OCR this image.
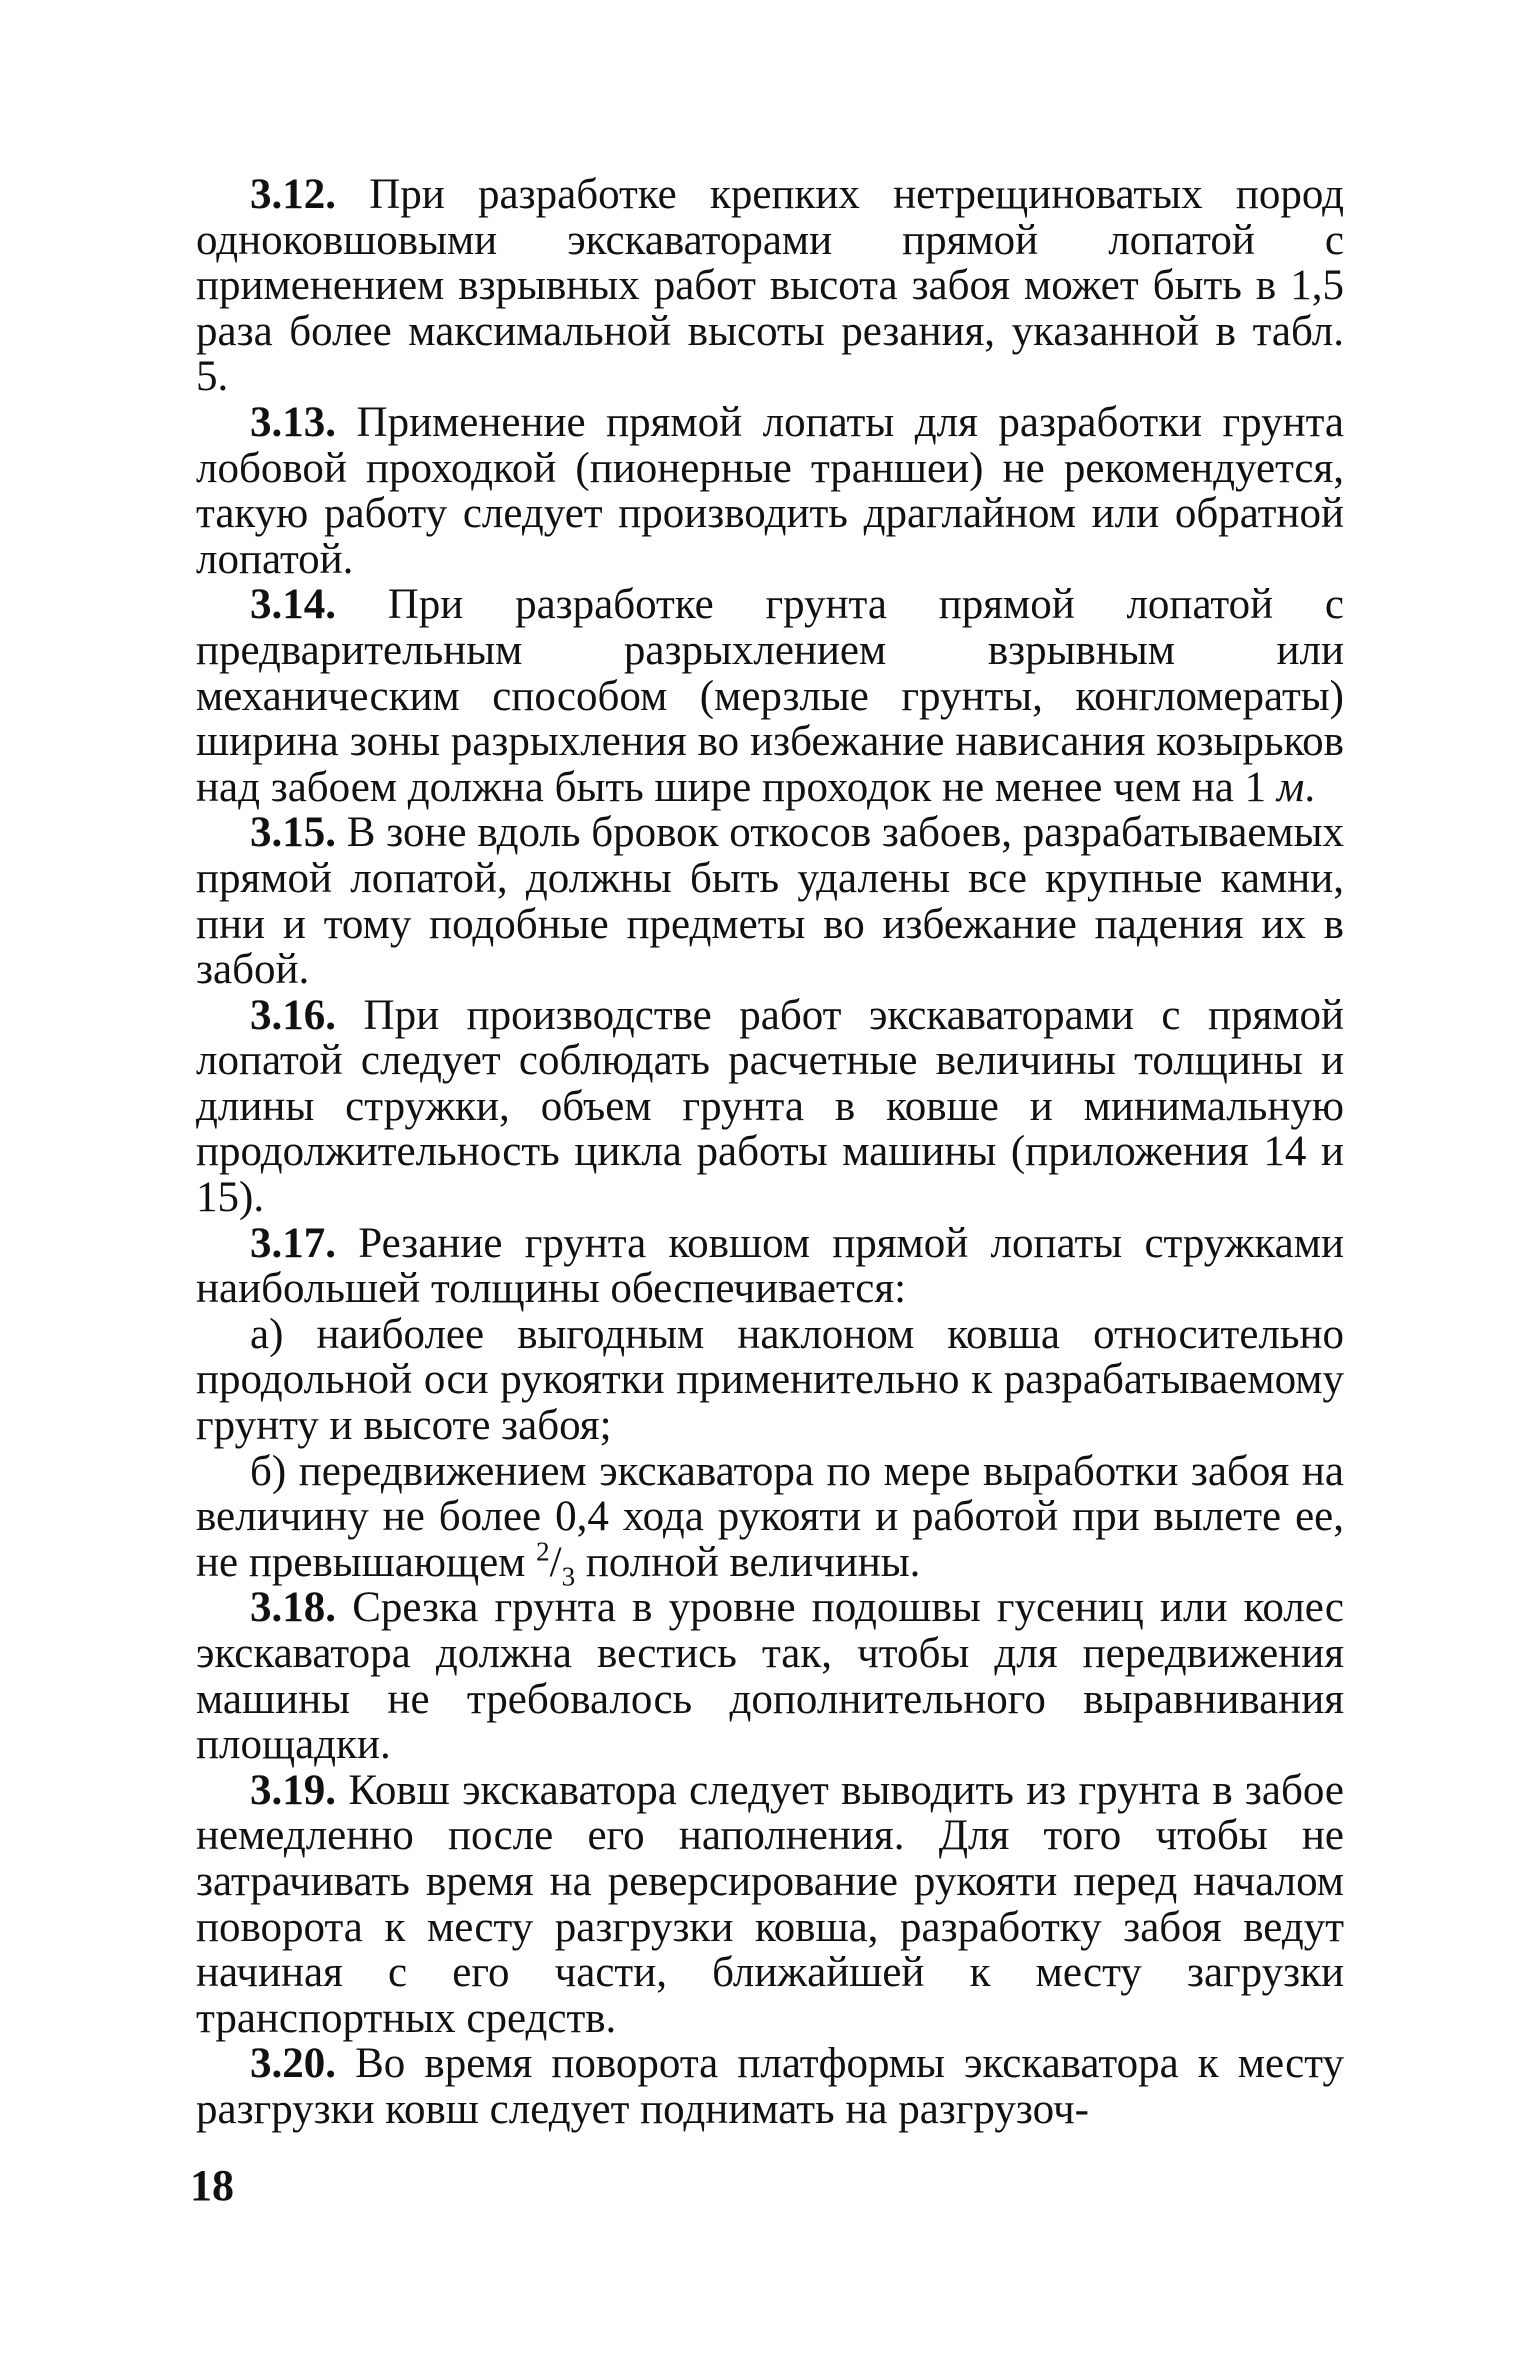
3.12. При разработке крепких нетрещиноватых пород одноковшовыми экскаваторами прямой лопатой с применением взрывных работ высота забоя может быть в 1,5 раза более максимальной высоты резания, указанной в табл. 5.

3.13. Применение прямой лопаты для разработки грунта лобовой проходкой (пионерные траншеи) не рекомендуется, такую работу следует производить драглайном или обратной лопатой.

3.14. При разработке грунта прямой лопатой с предварительным разрыхлением взрывным или механическим способом (мерзлые грунты, конгломераты) ширина зоны разрыхления во избежание нависания козырьков над забоем должна быть шире проходок не менее чем на 1 м.

3.15. В зоне вдоль бровок откосов забоев, разрабатываемых прямой лопатой, должны быть удалены все крупные камни, пни и тому подобные предметы во избежание падения их в забой.

3.16. При производстве работ экскаваторами с прямой лопатой следует соблюдать расчетные величины толщины и длины стружки, объем грунта в ковше и минимальную продолжительность цикла работы машины (приложения 14 и 15).

3.17. Резание грунта ковшом прямой лопаты стружками наибольшей толщины обеспечивается:

а) наиболее выгодным наклоном ковша относительно продольной оси рукоятки применительно к разрабатываемому грунту и высоте забоя;

б) передвижением экскаватора по мере выработки забоя на величину не более 0,4 хода рукояти и работой при вылете ее, не превышающем $^2/_3$ полной величины.

3.18. Срезка грунта в уровне подошвы гусениц или колес экскаватора должна вестись так, чтобы для передвижения машины не требовалось дополнительного выравнивания площадки.

3.19. Ковш экскаватора следует выводить из грунта в забое немедленно после его наполнения. Для того чтобы не затрачивать время на реверсирование рукояти перед началом поворота к месту разгрузки ковша, разработку забоя ведут начиная с его части, ближайшей к месту загрузки транспортных средств.

3.20. Во время поворота платформы экскаватора к месту разгрузки ковш следует поднимать на разгрузоч-

18
